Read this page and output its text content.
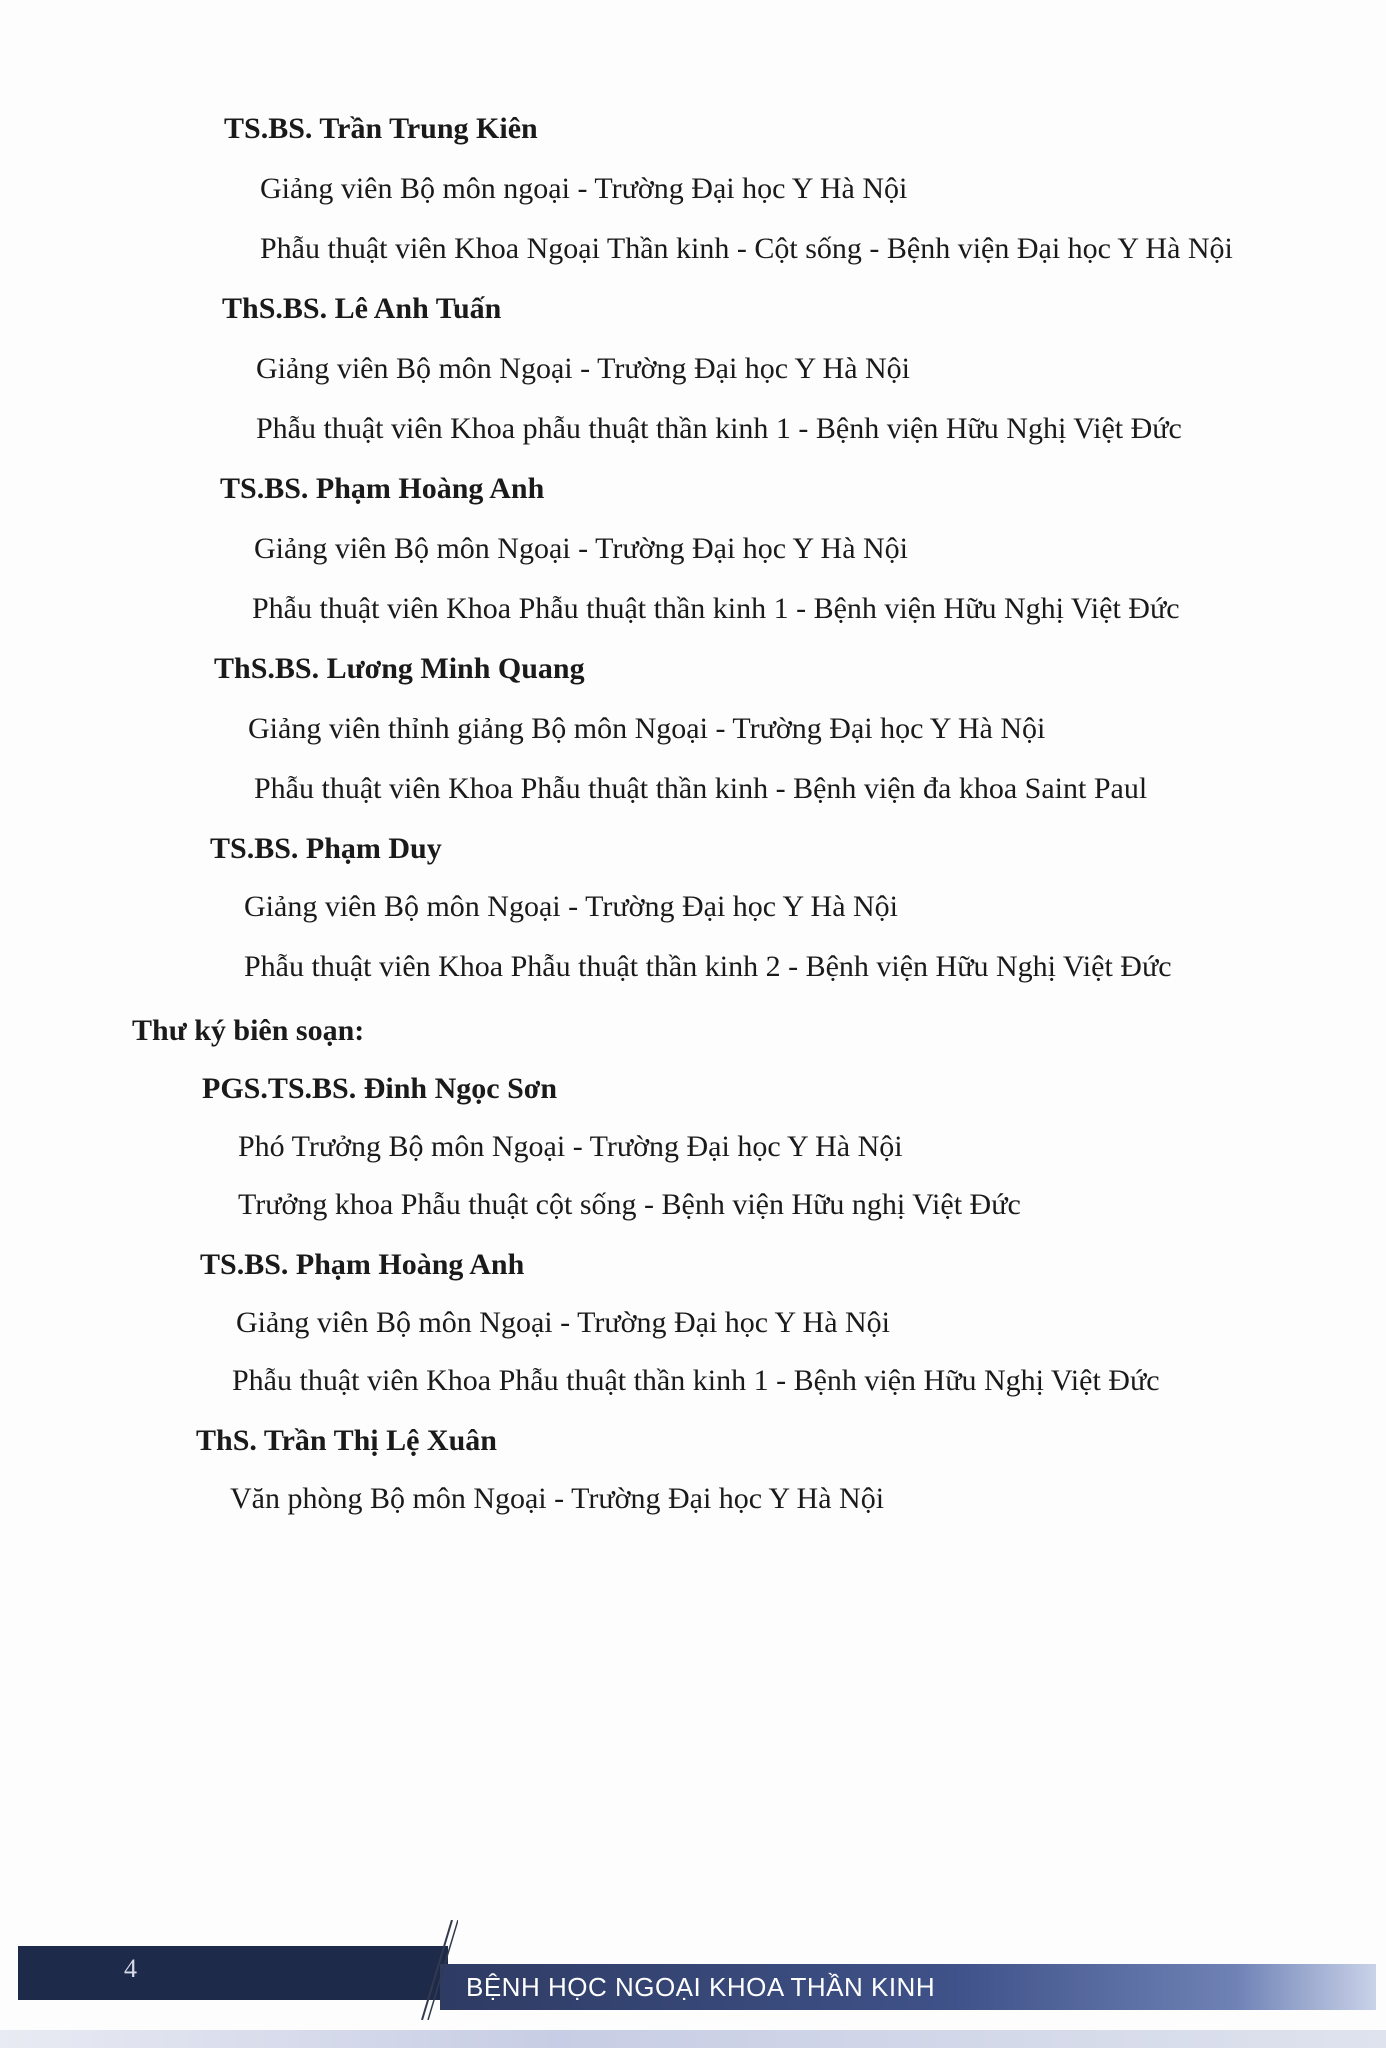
TS.BS. Trần Trung Kiên
Giảng viên Bộ môn ngoại - Trường Đại học Y Hà Nội
Phẫu thuật viên Khoa Ngoại Thần kinh - Cột sống - Bệnh viện Đại học Y Hà Nội
ThS.BS. Lê Anh Tuấn
Giảng viên Bộ môn Ngoại - Trường Đại học Y Hà Nội
Phẫu thuật viên Khoa phẫu thuật thần kinh 1 - Bệnh viện Hữu Nghị Việt Đức
TS.BS. Phạm Hoàng Anh
Giảng viên Bộ môn Ngoại - Trường Đại học Y Hà Nội
Phẫu thuật viên Khoa Phẫu thuật thần kinh 1 - Bệnh viện Hữu Nghị Việt Đức
ThS.BS. Lương Minh Quang
Giảng viên thỉnh giảng Bộ môn Ngoại - Trường Đại học Y Hà Nội
Phẫu thuật viên Khoa Phẫu thuật thần kinh - Bệnh viện đa khoa Saint Paul
TS.BS. Phạm Duy
Giảng viên Bộ môn Ngoại - Trường Đại học Y Hà Nội
Phẫu thuật viên Khoa Phẫu thuật thần kinh 2 - Bệnh viện Hữu Nghị Việt Đức
Thư ký biên soạn:
PGS.TS.BS. Đinh Ngọc Sơn
Phó Trưởng Bộ môn Ngoại - Trường Đại học Y Hà Nội
Trưởng khoa Phẫu thuật cột sống - Bệnh viện Hữu nghị Việt Đức
TS.BS. Phạm Hoàng Anh
Giảng viên Bộ môn Ngoại - Trường Đại học Y Hà Nội
Phẫu thuật viên Khoa Phẫu thuật thần kinh 1 - Bệnh viện Hữu Nghị Việt Đức
ThS. Trần Thị Lệ Xuân
Văn phòng Bộ môn Ngoại - Trường Đại học Y Hà Nội
4
BỆNH HỌC NGOẠI KHOA THẦN KINH
